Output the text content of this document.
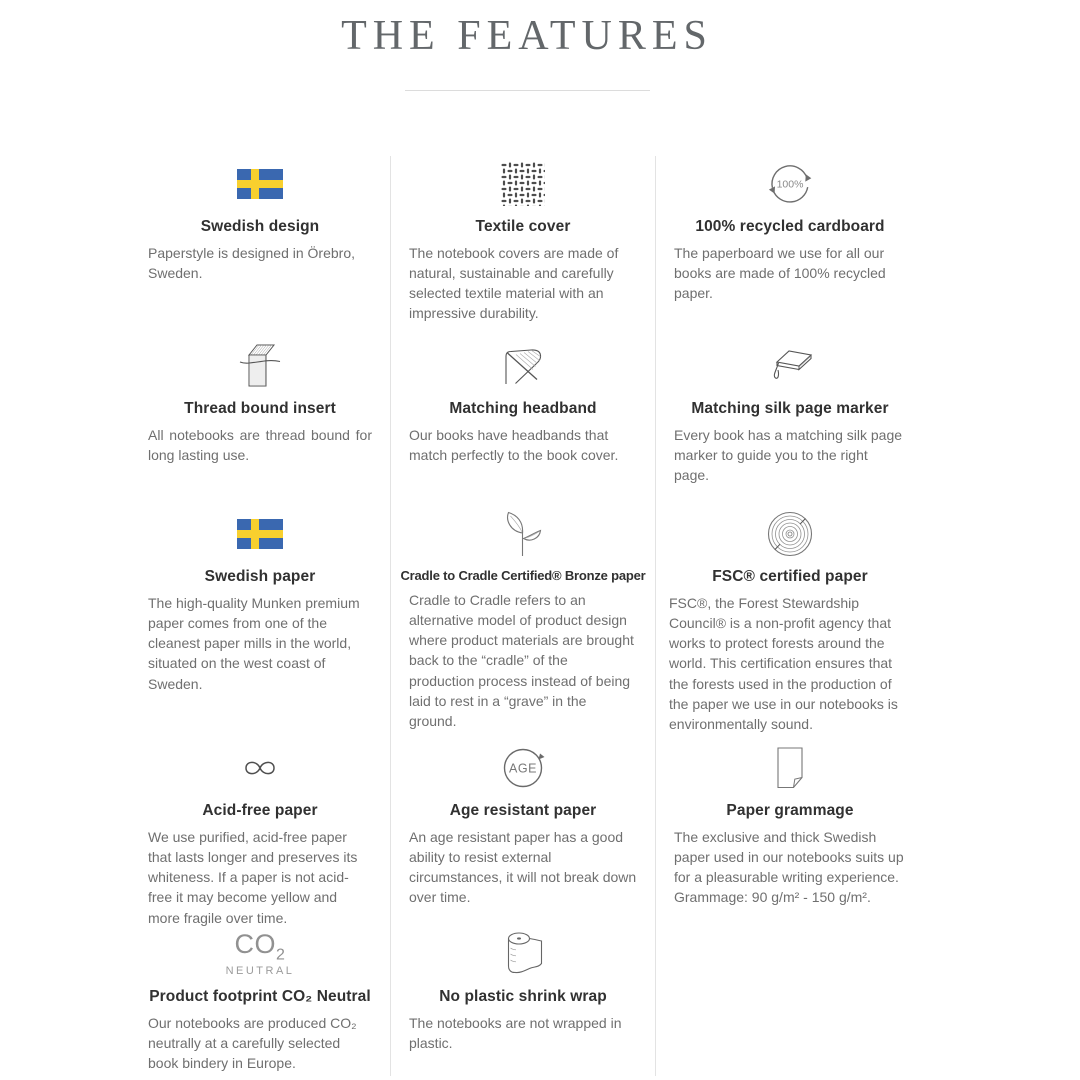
THE FEATURES
Swedish design
Paperstyle is designed in Örebro, Sweden.
Textile cover
The notebook covers are made of natural, sustainable and carefully selected textile material with an impressive durability.
100%
100% recycled cardboard
The paperboard we use for all our books are made of 100% recycled paper.
Thread bound insert
All notebooks are thread bound for long lasting use.
Matching headband
Our books have headbands that match perfectly to the book cover.
Matching silk page marker
Every book has a matching silk page marker to guide you to the right page.
Swedish paper
The high-quality Munken premium paper comes from one of the cleanest paper mills in the world, situated on the west coast of Sweden.
Cradle to Cradle Certified® Bronze paper
Cradle to Cradle refers to an alternative model of product design where product materials are brought back to the “cradle” of the production process instead of being laid to rest in a “grave” in the ground.
FSC® certified paper
FSC®, the Forest Stewardship Council® is a non-profit agency that works to protect forests around the world. This certification ensures that the forests used in the production of the paper we use in our notebooks is environmentally sound.
Acid-free paper
We use purified, acid-free paper that lasts longer and preserves its whiteness. If a paper is not acid-free it may become yellow and more fragile over time.
AGE
Age resistant paper
An age resistant paper has a good ability to resist external circumstances, it will not break down over time.
Paper grammage
The exclusive and thick Swedish paper used in our notebooks suits up for a pleasurable writing experience. Grammage: 90 g/m² - 150 g/m².
$CO_2$
NEUTRAL
Product footprint CO₂ Neutral
Our notebooks are produced CO₂ neutrally at a carefully selected book bindery in Europe.
No plastic shrink wrap
The notebooks are not wrapped in plastic.
